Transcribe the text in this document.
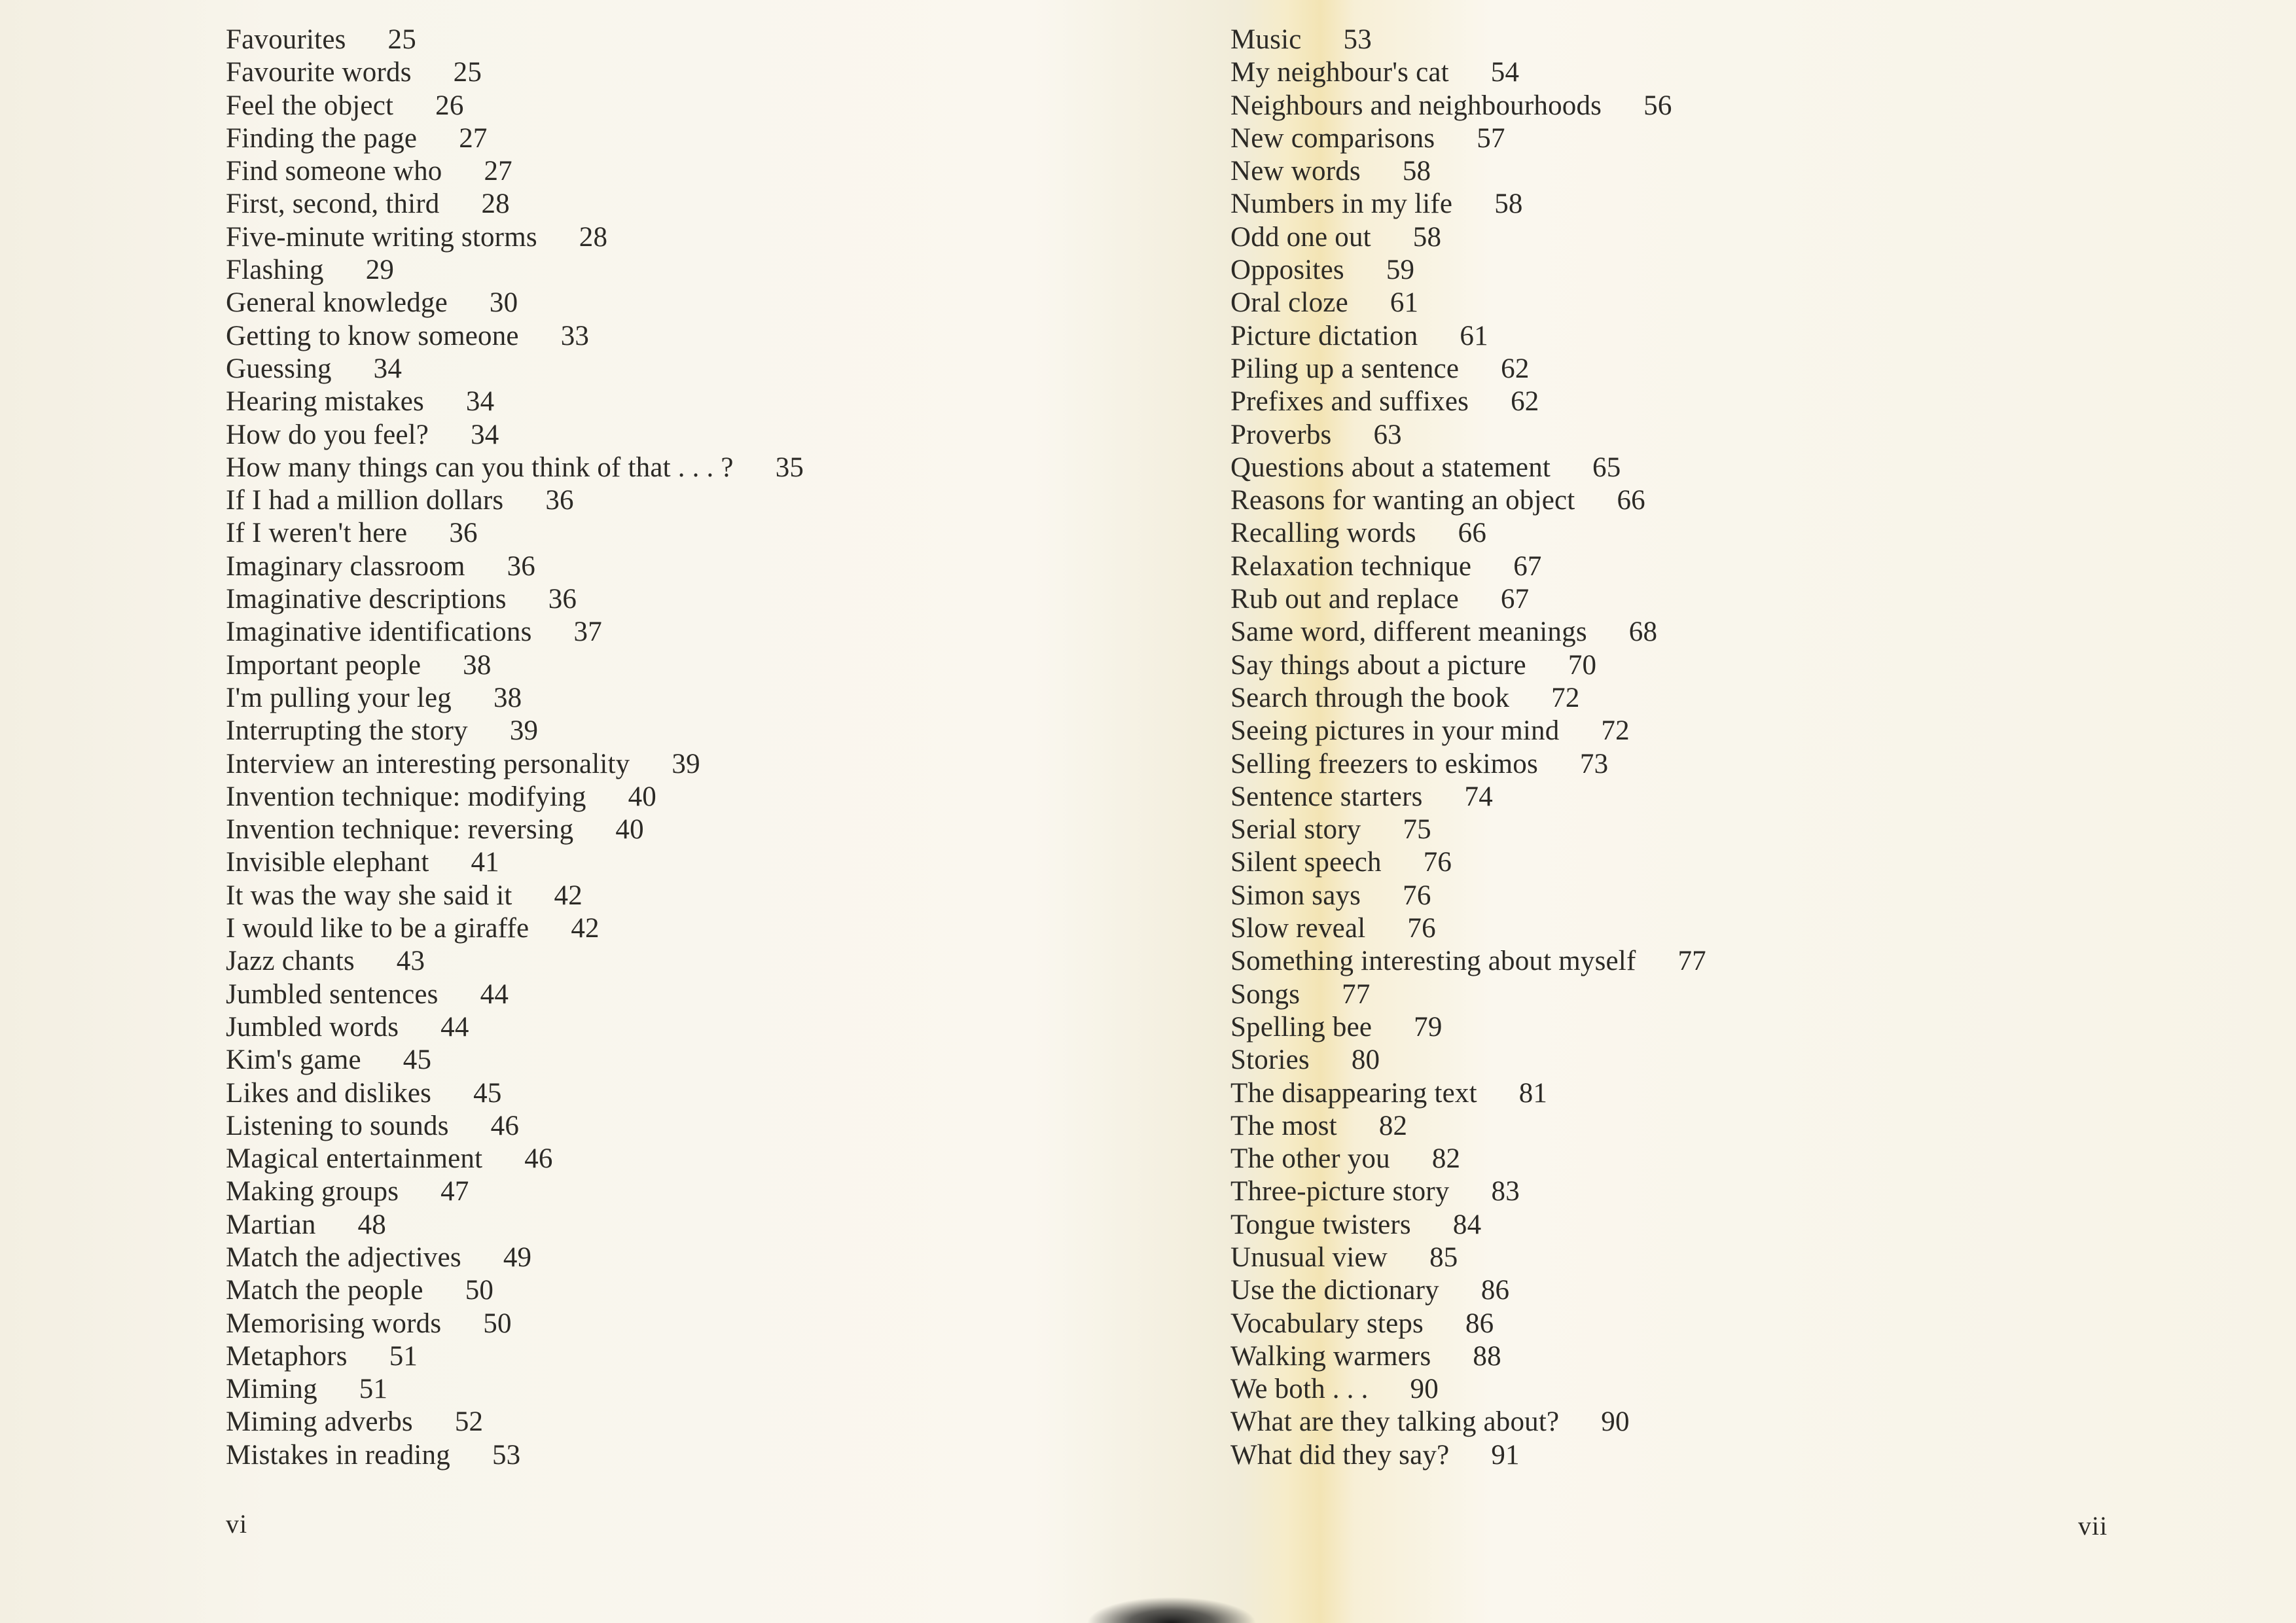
Favourites 25
Favourite words 25
Feel the object 26
Finding the page 27
Find someone who 27
First, second, third 28
Five-minute writing storms 28
Flashing 29
General knowledge 30
Getting to know someone 33
Guessing 34
Hearing mistakes 34
How do you feel? 34
How many things can you think of that . . . ? 35
If I had a million dollars 36
If I weren't here 36
Imaginary classroom 36
Imaginative descriptions 36
Imaginative identifications 37
Important people 38
I'm pulling your leg 38
Interrupting the story 39
Interview an interesting personality 39
Invention technique: modifying 40
Invention technique: reversing 40
Invisible elephant 41
It was the way she said it 42
I would like to be a giraffe 42
Jazz chants 43
Jumbled sentences 44
Jumbled words 44
Kim's game 45
Likes and dislikes 45
Listening to sounds 46
Magical entertainment 46
Making groups 47
Martian 48
Match the adjectives 49
Match the people 50
Memorising words 50
Metaphors 51
Miming 51
Miming adverbs 52
Mistakes in reading 53
vi
Music 53
My neighbour's cat 54
Neighbours and neighbourhoods 56
New comparisons 57
New words 58
Numbers in my life 58
Odd one out 58
Opposites 59
Oral cloze 61
Picture dictation 61
Piling up a sentence 62
Prefixes and suffixes 62
Proverbs 63
Questions about a statement 65
Reasons for wanting an object 66
Recalling words 66
Relaxation technique 67
Rub out and replace 67
Same word, different meanings 68
Say things about a picture 70
Search through the book 72
Seeing pictures in your mind 72
Selling freezers to eskimos 73
Sentence starters 74
Serial story 75
Silent speech 76
Simon says 76
Slow reveal 76
Something interesting about myself 77
Songs 77
Spelling bee 79
Stories 80
The disappearing text 81
The most 82
The other you 82
Three-picture story 83
Tongue twisters 84
Unusual view 85
Use the dictionary 86
Vocabulary steps 86
Walking warmers 88
We both . . . 90
What are they talking about? 90
What did they say? 91
vii
